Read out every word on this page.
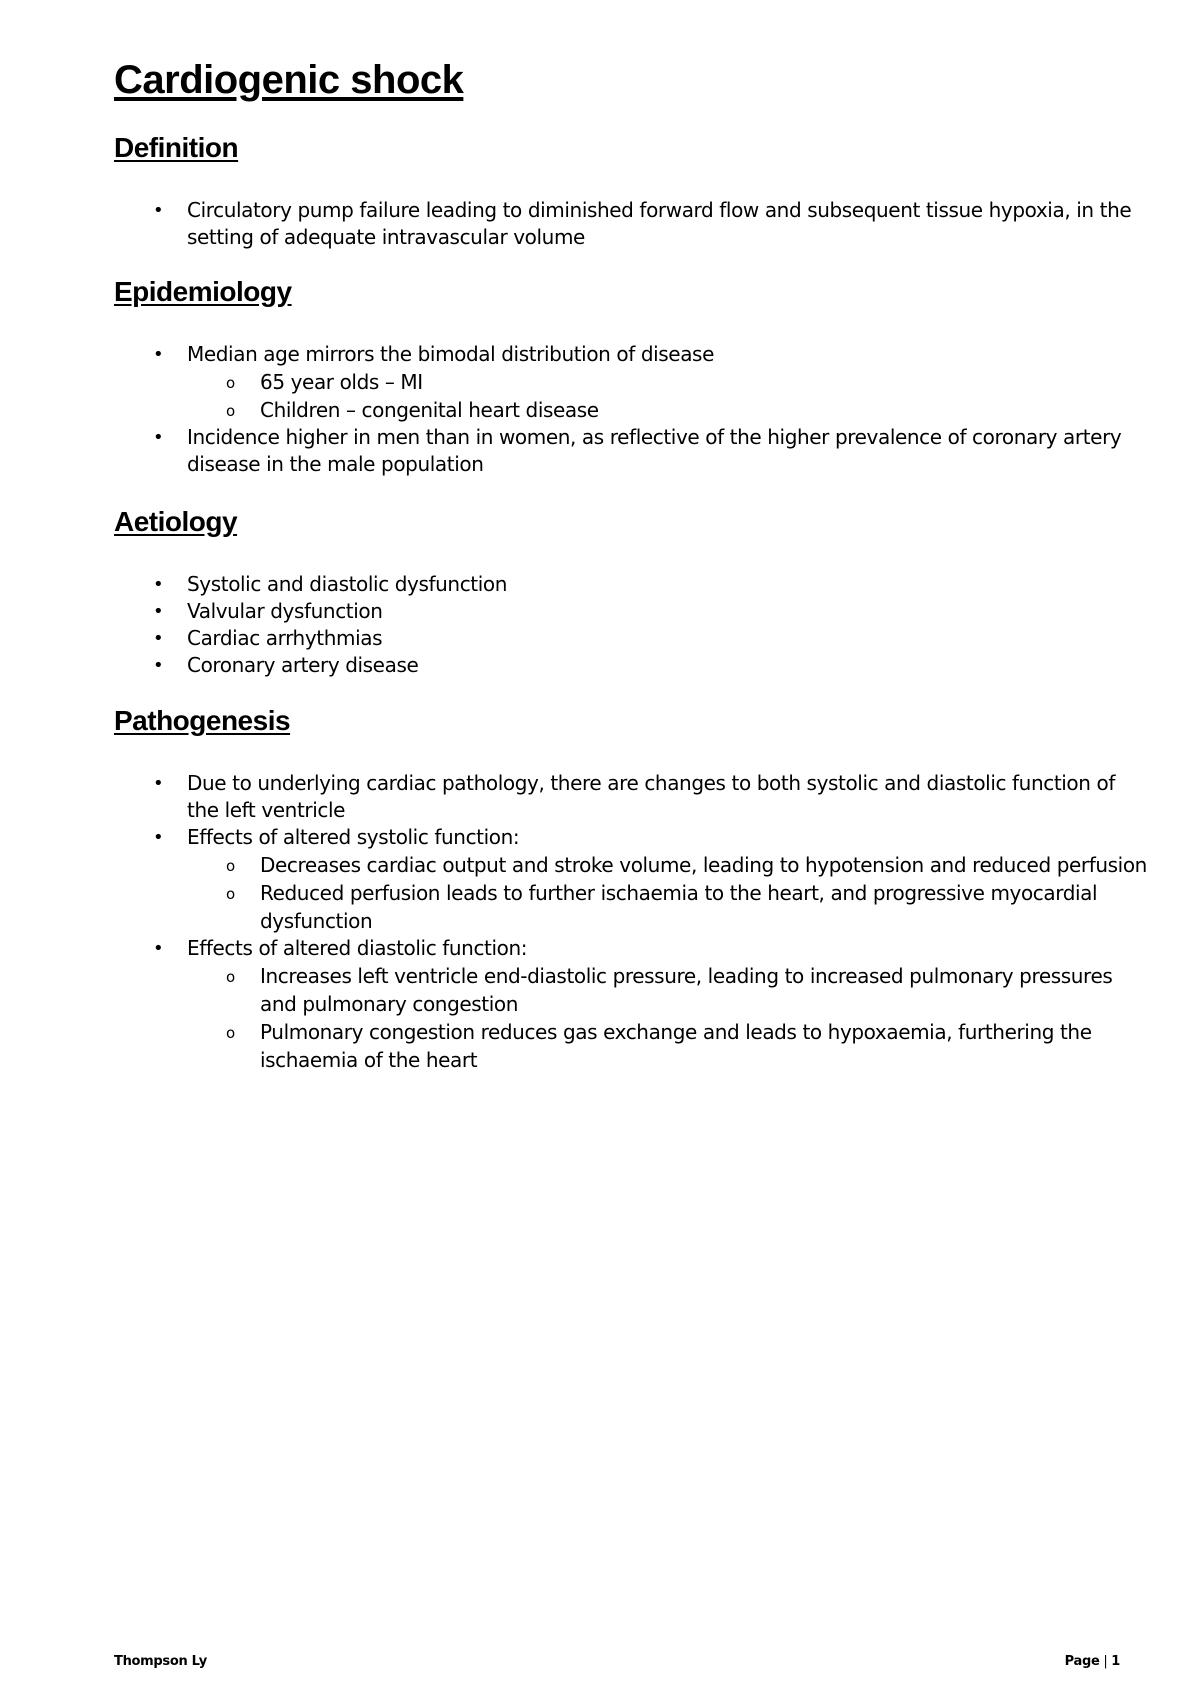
Cardiogenic shock
Definition
• Circulatory pump failure leading to diminished forward flow and subsequent tissue hypoxia, in the setting of adequate intravascular volume
Epidemiology
• Median age mirrors the bimodal distribution of disease
o 65 year olds – MI
o Children – congenital heart disease
• Incidence higher in men than in women, as reflective of the higher prevalence of coronary artery disease in the male population
Aetiology
• Systolic and diastolic dysfunction
• Valvular dysfunction
• Cardiac arrhythmias
• Coronary artery disease
Pathogenesis
• Due to underlying cardiac pathology, there are changes to both systolic and diastolic function of the left ventricle
• Effects of altered systolic function:
o Decreases cardiac output and stroke volume, leading to hypotension and reduced perfusion
o Reduced perfusion leads to further ischaemia to the heart, and progressive myocardial dysfunction
• Effects of altered diastolic function:
o Increases left ventricle end-diastolic pressure, leading to increased pulmonary pressures and pulmonary congestion
o Pulmonary congestion reduces gas exchange and leads to hypoxaemia, furthering the ischaemia of the heart
Thompson Ly	Page | 1
